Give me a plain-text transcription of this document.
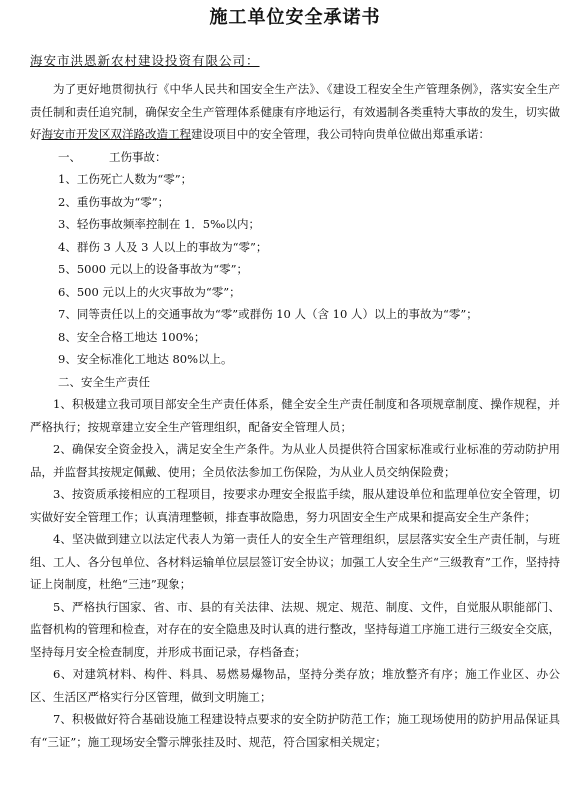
施工单位安全承诺书
海安市洪恩新农村建设投资有限公司：

为了更好地贯彻执行《中华人民共和国安全生产法》、《建设工程安全生产管理条例》，落实安全生产责任制和责任追究制，确保安全生产管理体系健康有序地运行，有效遏制各类重特大事故的发生，切实做好海安市开发区双洋路改造工程建设项目中的安全管理，我公司特向贵单位做出郑重承诺：

一、 工伤事故：

1、工伤死亡人数为“零”；

2、重伤事故为“零”；

3、轻伤事故频率控制在 1．5‰以内；

4、群伤 3 人及 3 人以上的事故为“零”；

5、5000 元以上的设备事故为“零”；

6、500 元以上的火灾事故为“零”；

7、同等责任以上的交通事故为“零”或群伤 10 人（含 10 人）以上的事故为“零”；

8、安全合格工地达 100%；

9、安全标准化工地达 80%以上。

二、安全生产责任

1、积极建立我司项目部安全生产责任体系，健全安全生产责任制度和各项规章制度、操作规程，并严格执行；按规章建立安全生产管理组织，配备安全管理人员；

2、确保安全资金投入，满足安全生产条件。为从业人员提供符合国家标准或行业标准的劳动防护用品，并监督其按规定佩戴、使用；全员依法参加工伤保险，为从业人员交纳保险费；

3、按资质承接相应的工程项目，按要求办理安全报监手续，服从建设单位和监理单位安全管理，切实做好安全管理工作；认真清理整顿，排查事故隐患，努力巩固安全生产成果和提高安全生产条件；

4、坚决做到建立以法定代表人为第一责任人的安全生产管理组织，层层落实安全生产责任制，与班组、工人、各分包单位、各材料运输单位层层签订安全协议；加强工人安全生产“三级教育”工作，坚持持证上岗制度，杜绝“三违”现象；

5、严格执行国家、省、市、县的有关法律、法规、规定、规范、制度、文件，自觉服从职能部门、监督机构的管理和检查，对存在的安全隐患及时认真的进行整改，坚持每道工序施工进行三级安全交底，坚持每月安全检查制度，并形成书面记录，存档备查；

6、对建筑材料、构件、料具、易燃易爆物品，坚持分类存放；堆放整齐有序；施工作业区、办公区、生活区严格实行分区管理，做到文明施工；

7、积极做好符合基础设施工程建设特点要求的安全防护防范工作；施工现场使用的防护用品保证具有“三证”；施工现场安全警示牌张挂及时、规范，符合国家相关规定；
